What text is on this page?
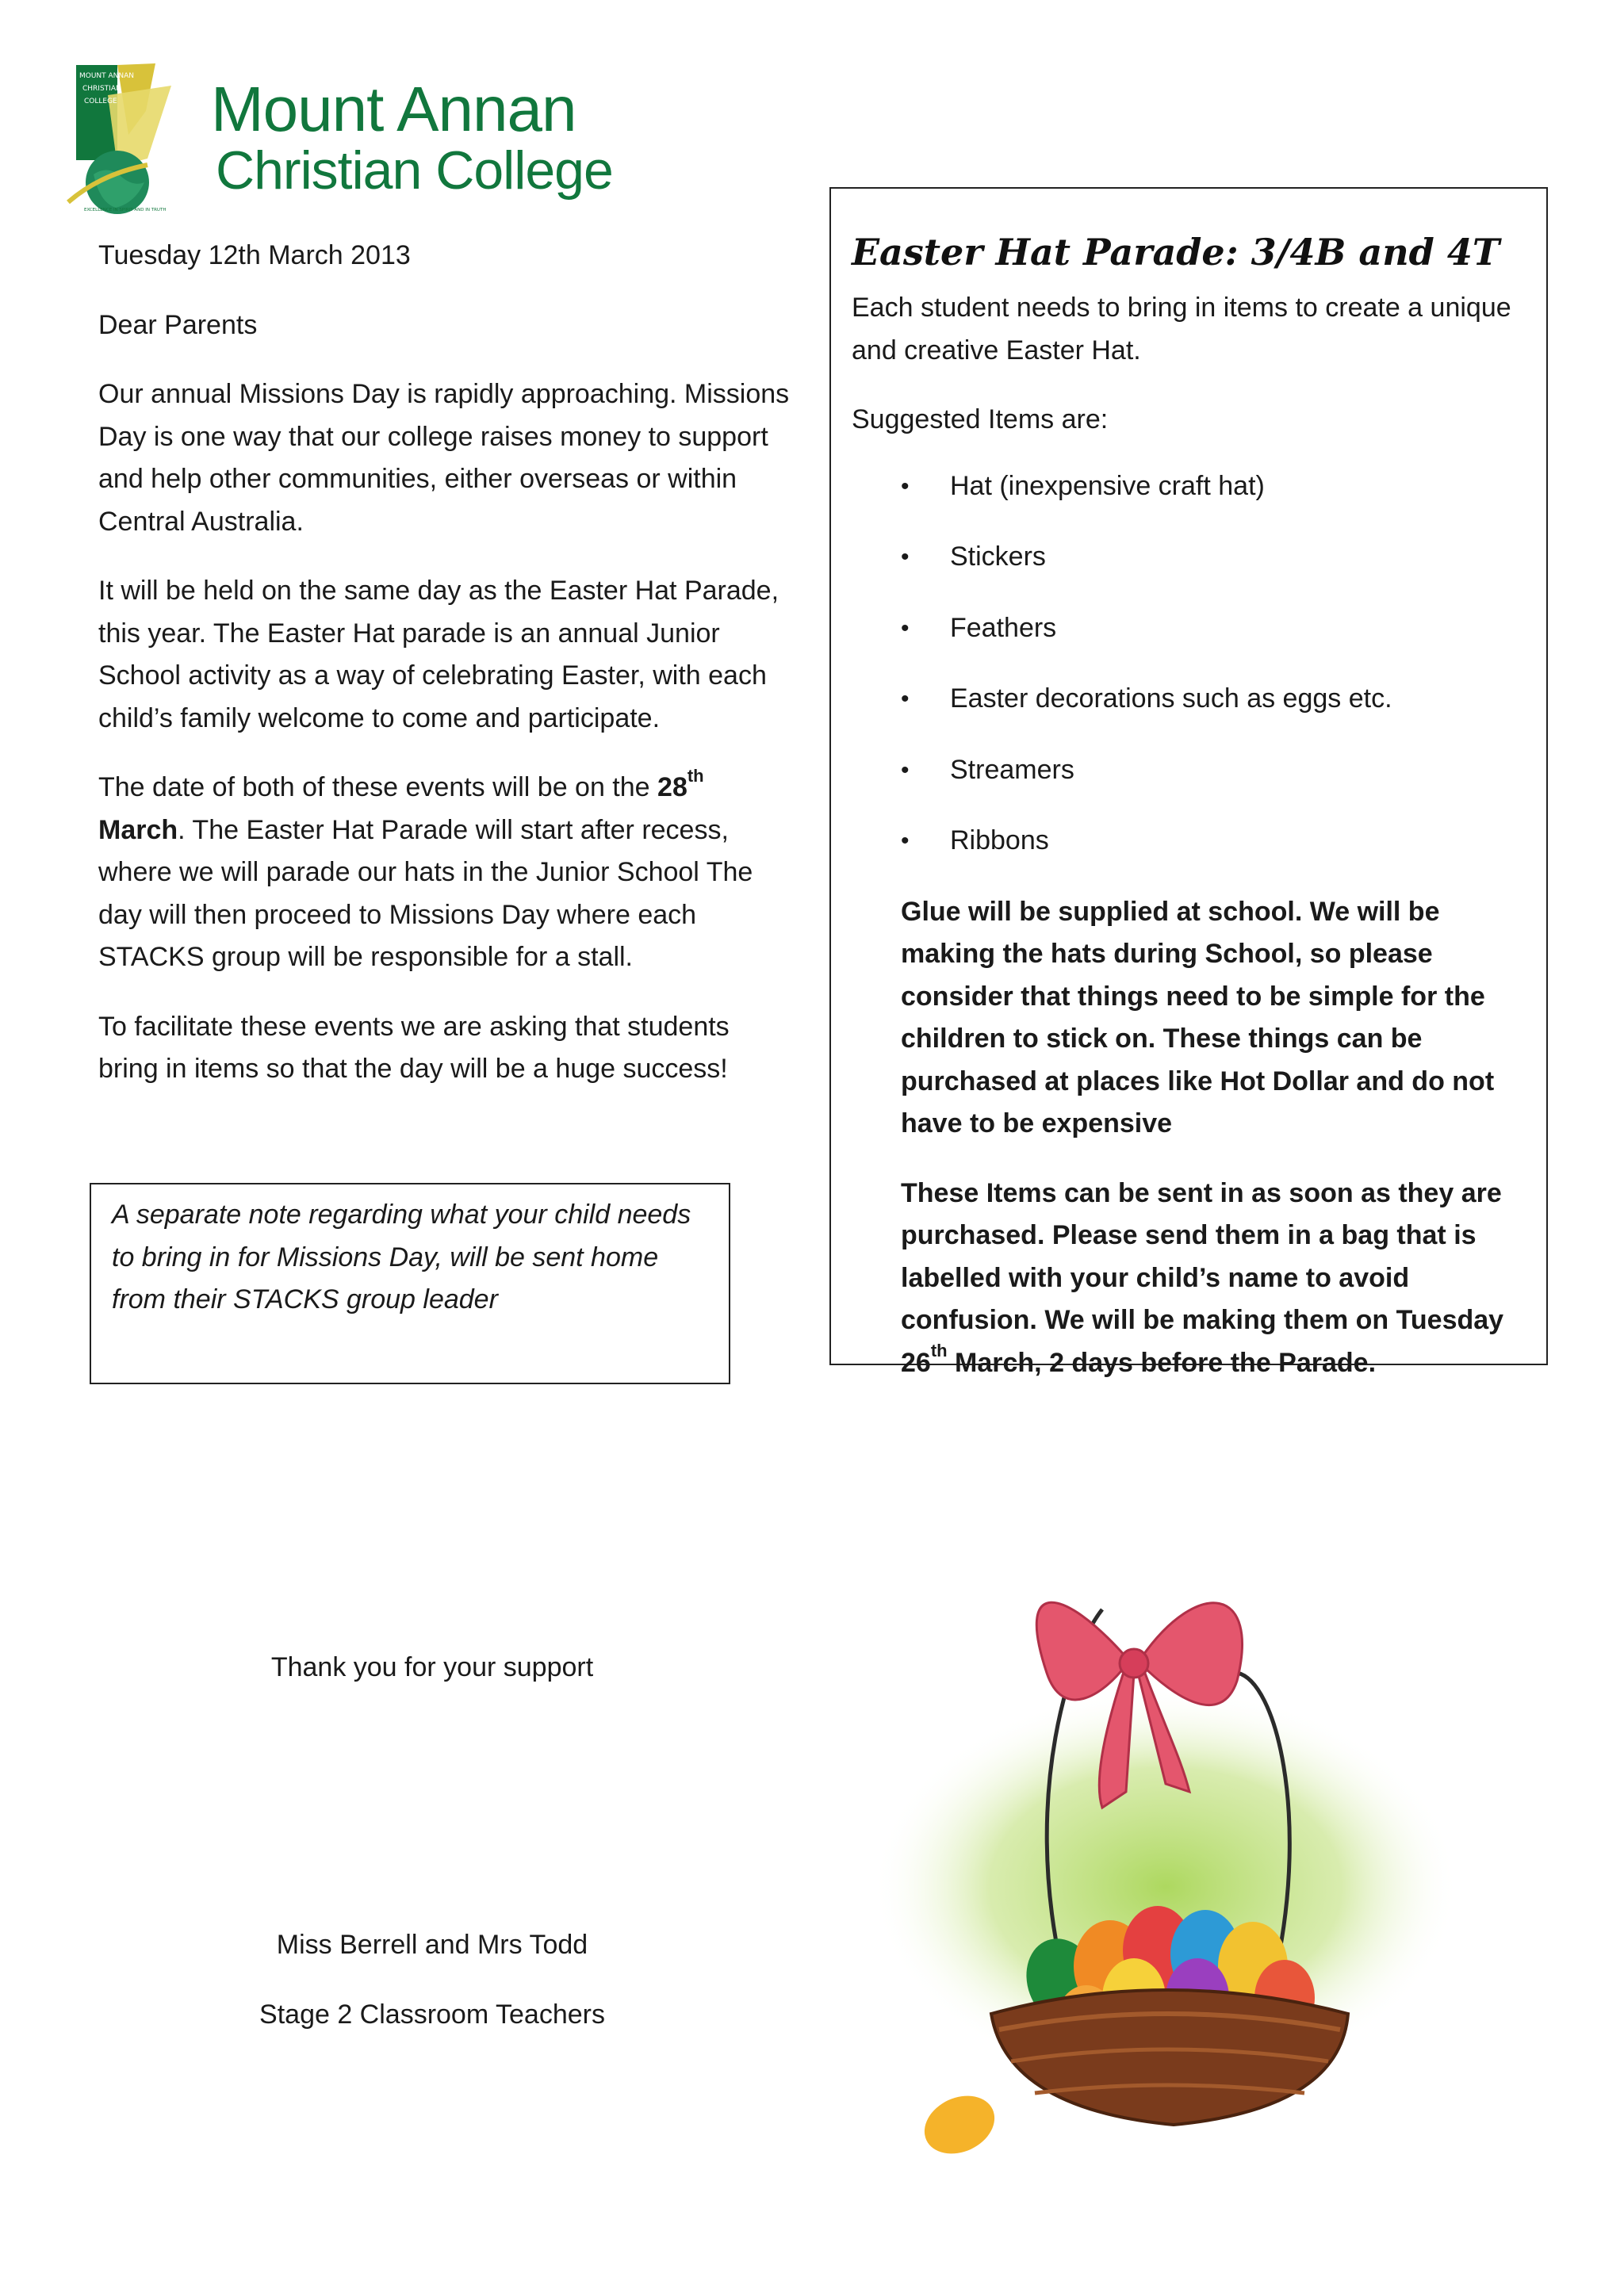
MOUNT ANNAN
CHRISTIAN
COLLEGE
EXCELLENCE IN SPIRIT AND IN TRUTH
Mount Annan
Christian College

Tuesday 12th March 2013

Dear Parents

Our annual Missions Day is rapidly approaching. Missions Day is one way that our college raises money to support and help other communities, either overseas or within Central Australia.

It will be held on the same day as the Easter Hat Parade, this year. The Easter Hat parade is an annual Junior School activity as a way of celebrating Easter, with each child’s family welcome to come and participate.

The date of both of these events will be on the 28th March. The Easter Hat Parade will start after recess, where we will parade our hats in the Junior School The day will then proceed to Missions Day where each STACKS group will be responsible for a stall.

To facilitate these events we are asking that students bring in items so that the day will be a huge success!

A separate note regarding what your child needs to bring in for Missions Day, will be sent home from their STACKS group leader

Easter Hat Parade: 3/4B and 4T

Each student needs to bring in items to create a unique and creative Easter Hat.

Suggested Items are:

• Hat (inexpensive craft hat)
• Stickers
• Feathers
• Easter decorations such as eggs etc.
• Streamers
• Ribbons

Glue will be supplied at school. We will be making the hats during School, so please consider that things need to be simple for the children to stick on. These things can be purchased at places like Hot Dollar and do not have to be expensive

These Items can be sent in as soon as they are purchased. Please send them in a bag that is labelled with your child’s name to avoid confusion. We will be making them on Tuesday 26th March, 2 days before the Parade.

Thank you for your support
Miss Berrell and Mrs Todd
Stage 2 Classroom Teachers
